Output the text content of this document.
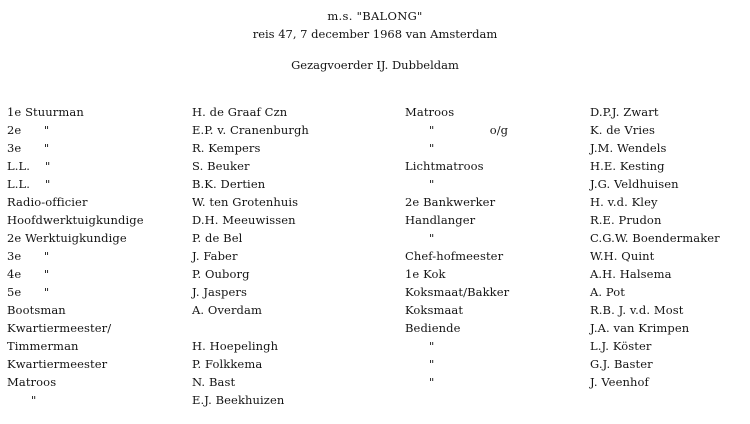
m.s. "BALONG"
reis 47, 7 december 1968 van Amsterdam
Gezagvoerder IJ. Dubbeldam
1e Stuurman
2e      "
3e      "
L.L.    "
L.L.    "
Radio-officier
Hoofdwerktuigkundige
2e Werktuigkundige
3e      "
4e      "
5e      "
Bootsman
Kwartiermeester/
Timmerman
Kwartiermeester
Matroos
"
H. de Graaf Czn
E.P. v. Cranenburgh
R. Kempers
S. Beuker
B.K. Dertien
W. ten Grotenhuis
D.H. Meeuwissen
P. de Bel
J. Faber
P. Ouborg
J. Jaspers
A. Overdam
H. Hoepelingh
P. Folkkema
N. Bast
E.J. Beekhuizen
Matroos
"	o/g
"
Lichtmatroos
"
2e Bankwerker
Handlanger
"
Chef-hofmeester
1e Kok
Koksmaat/Bakker
Koksmaat
Bediende
"
"
"
D.P.J. Zwart
K. de Vries
J.M. Wendels
H.E. Kesting
J.G. Veldhuisen
H. v.d. Kley
R.E. Prudon
C.G.W. Boendermaker
W.H. Quint
A.H. Halsema
A. Pot
R.B. J. v.d. Most
J.A. van Krimpen
L.J. Köster
G.J. Baster
J. Veenhof
